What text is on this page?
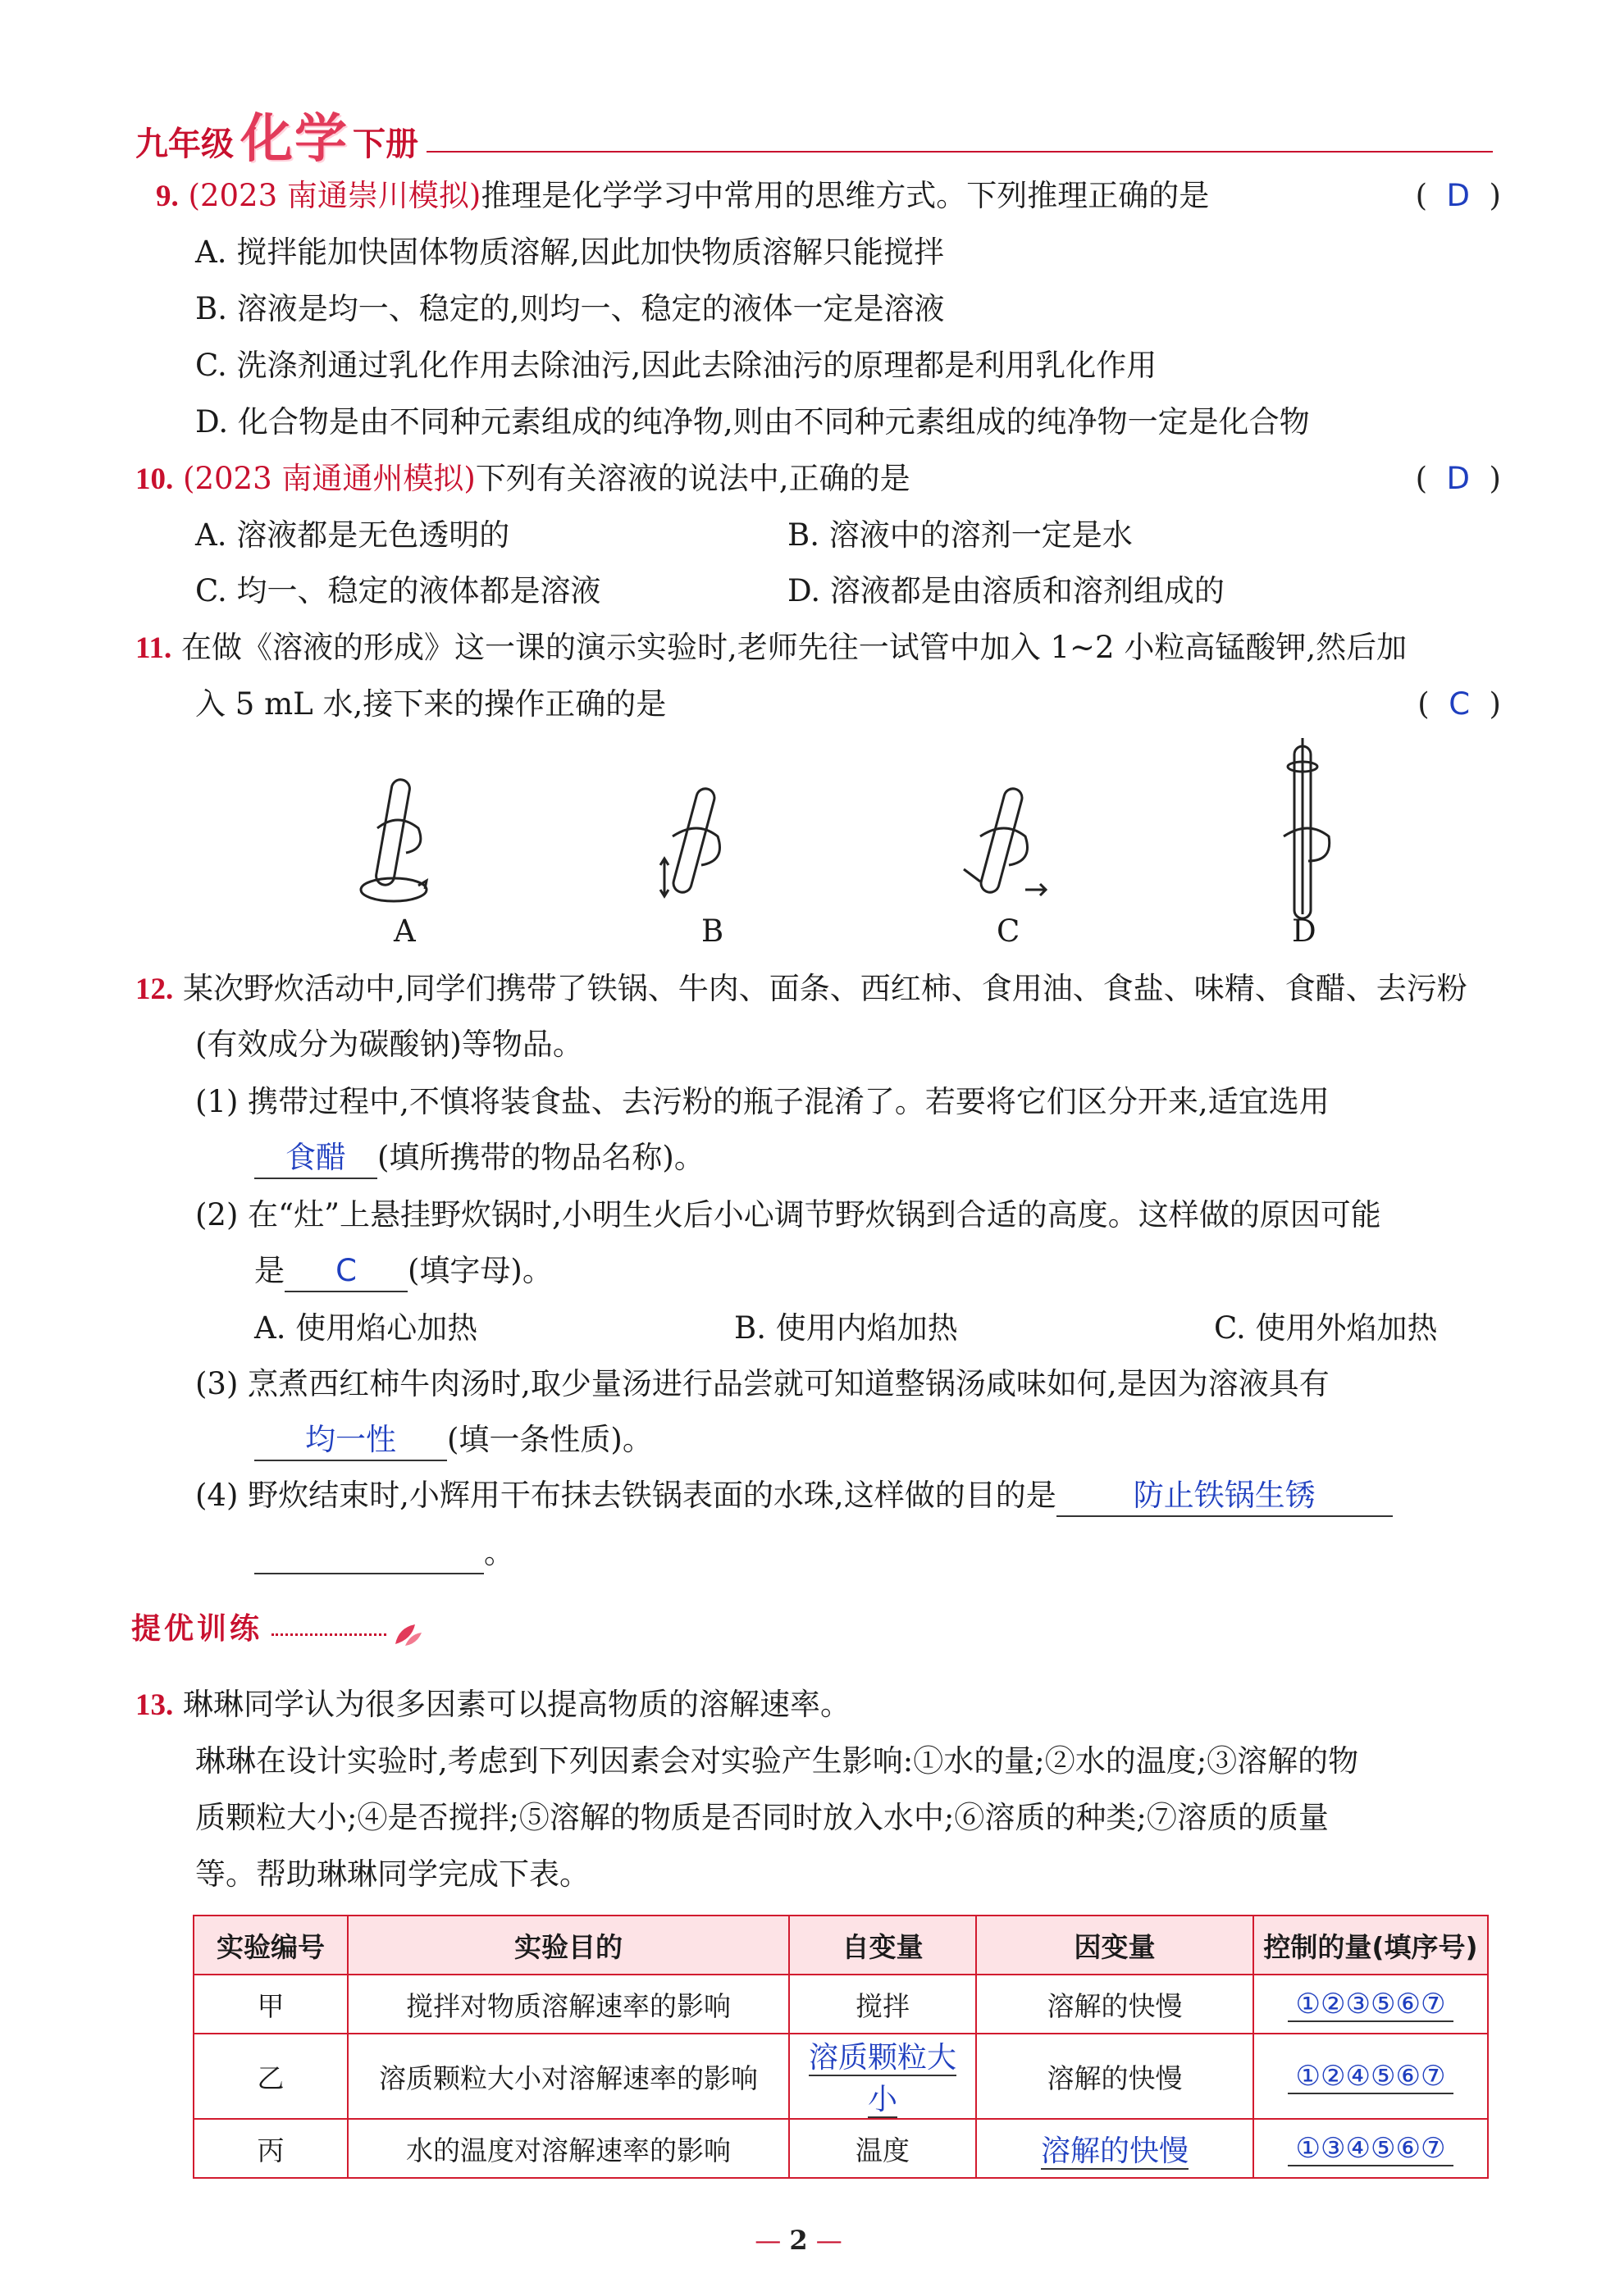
九年级 化学 下册
9. (2023 南通崇川模拟)推理是化学学习中常用的思维方式。下列推理正确的是	(  D  )
A. 搅拌能加快固体物质溶解,因此加快物质溶解只能搅拌
B. 溶液是均一、稳定的,则均一、稳定的液体一定是溶液
C. 洗涤剂通过乳化作用去除油污,因此去除油污的原理都是利用乳化作用
D. 化合物是由不同种元素组成的纯净物,则由不同种元素组成的纯净物一定是化合物
10. (2023 南通通州模拟)下列有关溶液的说法中,正确的是	(  D  )
A. 溶液都是无色透明的	B. 溶液中的溶剂一定是水
C. 均一、稳定的液体都是溶液	D. 溶液都是由溶质和溶剂组成的
11. 在做《溶液的形成》这一课的演示实验时,老师先往一试管中加入 1~2 小粒高锰酸钾,然后加
入 5 mL 水,接下来的操作正确的是	(  C  )
A	B	C	D
12. 某次野炊活动中,同学们携带了铁锅、牛肉、面条、西红柿、食用油、食盐、味精、食醋、去污粉
(有效成分为碳酸钠)等物品。
(1) 携带过程中,不慎将装食盐、去污粉的瓶子混淆了。若要将它们区分开来,适宜选用
食醋 (填所携带的物品名称)。
(2) 在“灶”上悬挂野炊锅时,小明生火后小心调节野炊锅到合适的高度。这样做的原因可能
是 C (填字母)。
A. 使用焰心加热	B. 使用内焰加热	C. 使用外焰加热
(3) 烹煮西红柿牛肉汤时,取少量汤进行品尝就可知道整锅汤咸味如何,是因为溶液具有
均一性 (填一条性质)。
(4) 野炊结束时,小辉用干布抹去铁锅表面的水珠,这样做的目的是	防止铁锅生锈
。
提优训练
13. 琳琳同学认为很多因素可以提高物质的溶解速率。
琳琳在设计实验时,考虑到下列因素会对实验产生影响:①水的量;②水的温度;③溶解的物
质颗粒大小;④是否搅拌;⑤溶解的物质是否同时放入水中;⑥溶质的种类;⑦溶质的质量
等。帮助琳琳同学完成下表。
实验编号	实验目的	自变量	因变量	控制的量(填序号)
甲	搅拌对物质溶解速率的影响	搅拌	溶解的快慢	①②③⑤⑥⑦
乙	溶质颗粒大小对溶解速率的影响	溶质颗粒大小	溶解的快慢	①②④⑤⑥⑦
丙	水的温度对溶解速率的影响	温度	溶解的快慢	①③④⑤⑥⑦
— 2 —
